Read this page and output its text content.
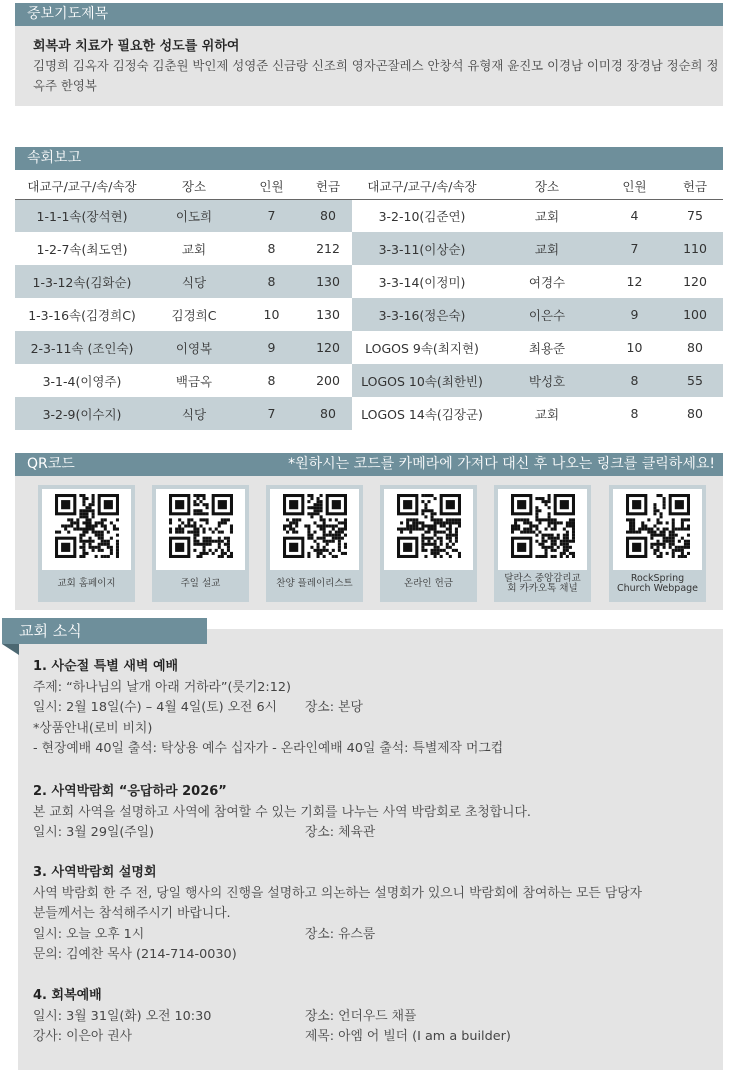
중보기도제목
회복과 치료가 필요한 성도를 위하여
김명희 김옥자 김정숙 김춘원 박인제 성영준 신금랑 신조희 영자곤잘레스 안창석 유형재 윤진모 이경남 이미경 장경남 정순희 정옥주 한영복
속회보고
대교구/교구/속/속장	장소	인원	헌금	대교구/교구/속/속장	장소	인원	헌금
1-1-1속(장석현)	이도희	7	80	3-2-10(김준연)	교회	4	75
1-2-7속(최도연)	교회	8	212	3-3-11(이상순)	교회	7	110
1-3-12속(김화순)	식당	8	130	3-3-14(이정미)	여경수	12	120
1-3-16속(김경희C)	김경희C	10	130	3-3-16(정은숙)	이은수	9	100
2-3-11속 (조인숙)	이영복	9	120	LOGOS 9속(최지현)	최용준	10	80
3-1-4(이영주)	백금옥	8	200	LOGOS 10속(최한빈)	박성호	8	55
3-2-9(이수지)	식당	7	80	LOGOS 14속(김장군)	교회	8	80
QR코드	*원하시는 코드를 카메라에 가져다 대신 후 나오는 링크를 클릭하세요!
교회 홈페이지	주일 설교	찬양 플레이리스트	온라인 헌금	달라스 중앙감리교회 카카오톡 채널
RockSpring Church Webpage
교회 소식
1. 사순절 특별 새벽 예배
주제: “하나님의 날개 아래 거하라”(룻기2:12)
일시: 2월 18일(수) – 4월 4일(토) 오전 6시	장소: 본당
*상품안내(로비 비치)
- 현장예배 40일 출석: 탁상용 예수 십자가 - 온라인예배 40일 출석: 특별제작 머그컵
2. 사역박람회 “응답하라 2026”
본 교회 사역을 설명하고 사역에 참여할 수 있는 기회를 나누는 사역 박람회로 초청합니다.
일시: 3월 29일(주일)	장소: 체육관
3. 사역박람회 설명회
사역 박람회 한 주 전, 당일 행사의 진행을 설명하고 의논하는 설명회가 있으니 박람회에 참여하는 모든 담당자
분들께서는 참석해주시기 바랍니다.
일시: 오늘 오후 1시	장소: 유스룸
문의: 김예찬 목사 (214-714-0030)
4. 회복예배
일시: 3월 31일(화) 오전 10:30	장소: 언더우드 채플
강사: 이은아 권사	제목: 아엠 어 빌더 (I am a builder)
